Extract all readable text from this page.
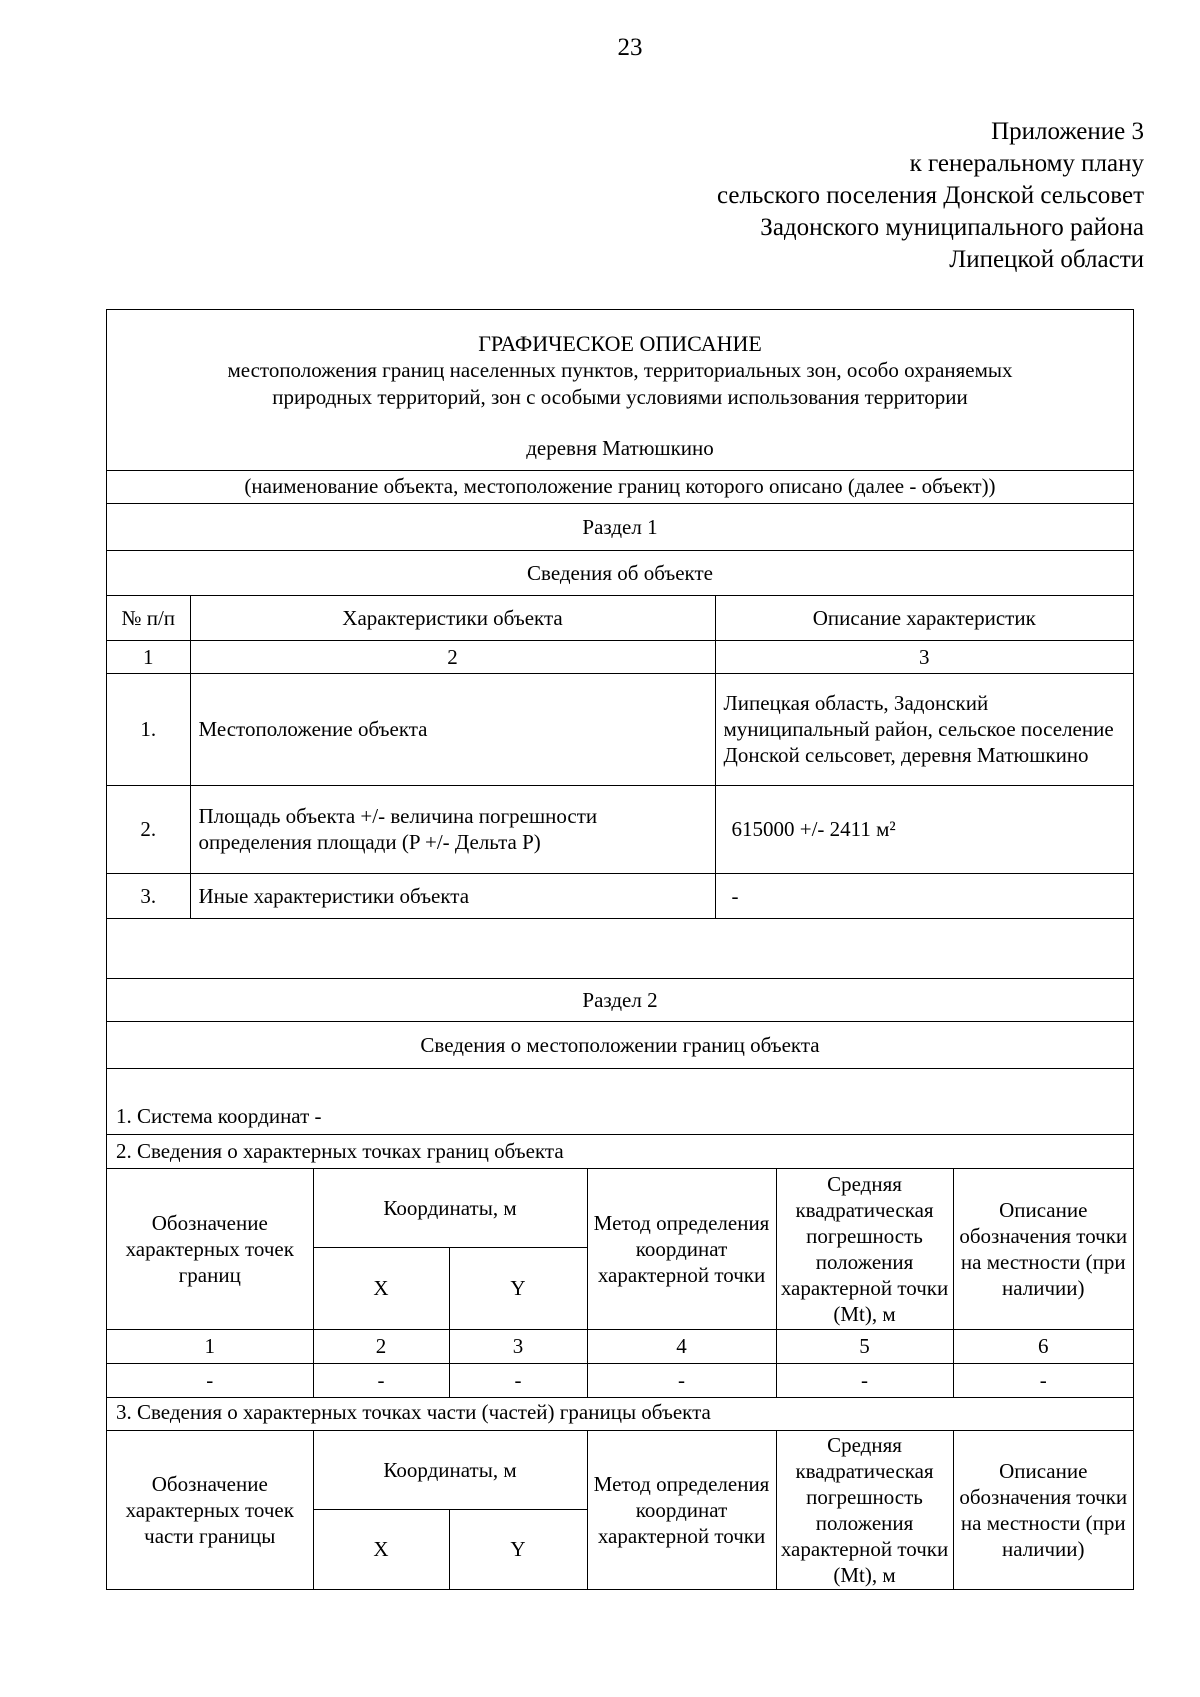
23
Приложение 3
к генеральному плану
сельского поселения Донской сельсовет
Задонского муниципального района
Липецкой области
ГРАФИЧЕСКОЕ ОПИСАНИЕ
местоположения границ населенных пунктов, территориальных зон, особо охраняемых
природных территорий, зон с особыми условиями использования территории
деревня Матюшкино
(наименование объекта, местоположение границ которого описано (далее - объект))
Раздел 1
Сведения об объекте
№ п/п	Характеристики объекта	Описание характеристик
1	2	3
1.	Местоположение объекта	Липецкая область, Задонский муниципальный район, сельское поселение Донской сельсовет, деревня Матюшкино
2.	Площадь объекта +/- величина погрешности определения площади (P +/- Дельта P)	615000 +/- 2411 м²
3.	Иные характеристики объекта	-
Раздел 2
Сведения о местоположении границ объекта
1. Система координат -
2. Сведения о характерных точках границ объекта
Обозначение характерных точек границ	Координаты, м		Метод определения координат характерной точки	Средняя квадратическая погрешность положения характерной точки (Mt), м	Описание обозначения точки на местности (при наличии)
	X	Y			
1	2	3	4	5	6
-	-	-	-	-	-
3. Сведения о характерных точках части (частей) границы объекта
Обозначение характерных точек части границы	Координаты, м		Метод определения координат характерной точки	Средняя квадратическая погрешность положения характерной точки (Mt), м	Описание обозначения точки на местности (при наличии)
	X	Y			
